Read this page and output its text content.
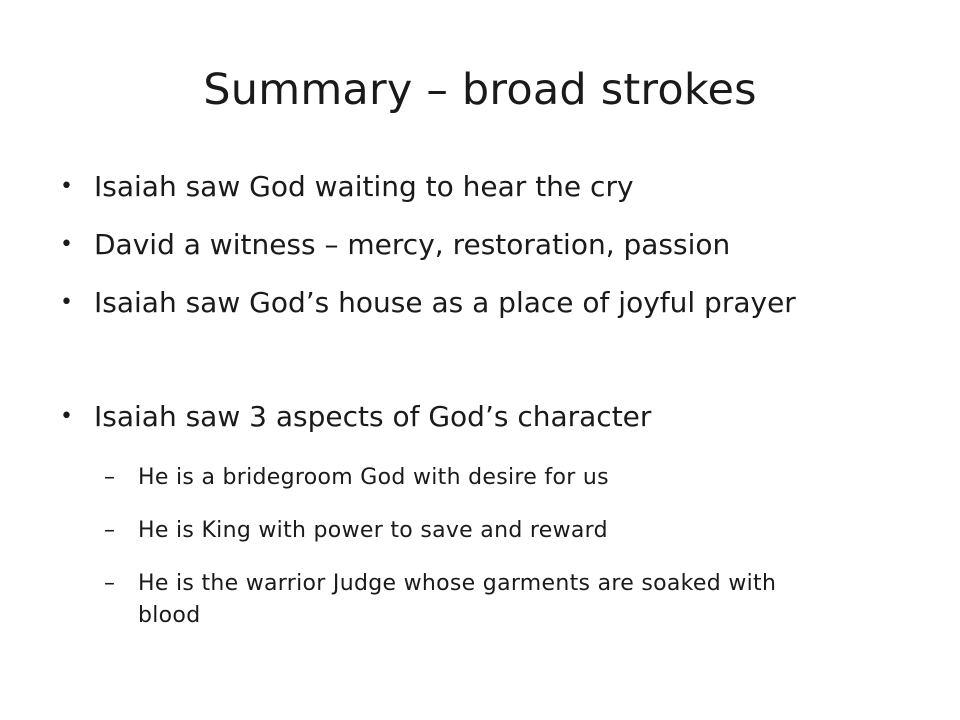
Summary – broad strokes
• Isaiah saw God waiting to hear the cry
• David a witness – mercy, restoration, passion
• Isaiah saw God’s house as a place of joyful prayer
• Isaiah saw 3 aspects of God’s character
– He is a bridegroom God with desire for us
– He is King with power to save and reward
– He is the warrior Judge whose garments are soaked with blood
